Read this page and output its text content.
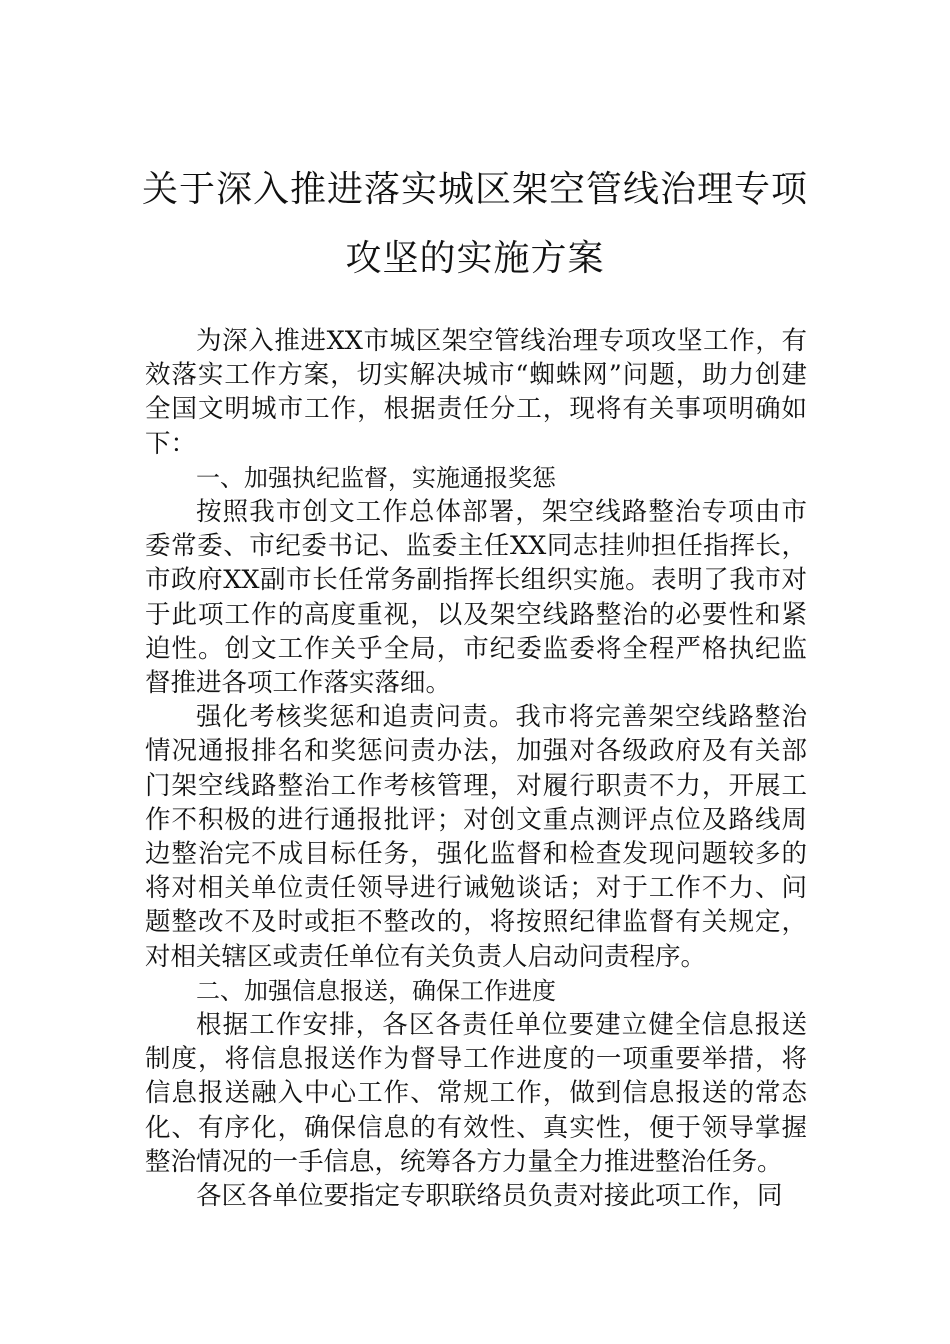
关于深入推进落实城区架空管线治理专项
攻坚的实施方案

为深入推进XX市城区架空管线治理专项攻坚工作，有效落实工作方案，切实解决城市“蜘蛛网”问题，助力创建全国文明城市工作，根据责任分工，现将有关事项明确如下：

一、加强执纪监督，实施通报奖惩

按照我市创文工作总体部署，架空线路整治专项由市委常委、市纪委书记、监委主任XX同志挂帅担任指挥长，市政府XX副市长任常务副指挥长组织实施。表明了我市对于此项工作的高度重视，以及架空线路整治的必要性和紧迫性。创文工作关乎全局，市纪委监委将全程严格执纪监督推进各项工作落实落细。

强化考核奖惩和追责问责。我市将完善架空线路整治情况通报排名和奖惩问责办法，加强对各级政府及有关部门架空线路整治工作考核管理，对履行职责不力，开展工作不积极的进行通报批评；对创文重点测评点位及路线周边整治完不成目标任务，强化监督和检查发现问题较多的将对相关单位责任领导进行诫勉谈话；对于工作不力、问题整改不及时或拒不整改的，将按照纪律监督有关规定，对相关辖区或责任单位有关负责人启动问责程序。

二、加强信息报送，确保工作进度

根据工作安排，各区各责任单位要建立健全信息报送制度，将信息报送作为督导工作进度的一项重要举措，将信息报送融入中心工作、常规工作，做到信息报送的常态化、有序化，确保信息的有效性、真实性，便于领导掌握整治情况的一手信息，统筹各方力量全力推进整治任务。

各区各单位要指定专职联络员负责对接此项工作，同
